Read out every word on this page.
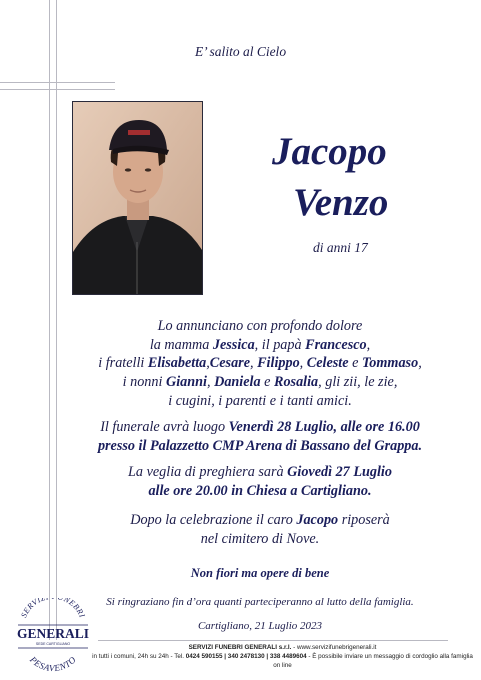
E’ salito al Cielo
Jacopo
Venzo
di anni 17
Lo annunciano con profondo dolore
la mamma Jessica, il papà Francesco,
i fratelli Elisabetta,Cesare, Filippo, Celeste e Tommaso,
i nonni Gianni, Daniela e Rosalia, gli zii, le zie,
i cugini, i parenti e i tanti amici.
Il funerale avrà luogo Venerdì 28 Luglio, alle ore 16.00
presso il Palazzetto CMP Arena di Bassano del Grappa.
La veglia di preghiera sarà Giovedì 27 Luglio
alle ore 20.00 in Chiesa a Cartigliano.
Dopo la celebrazione il caro Jacopo riposerà
nel cimitero di Nove.
Non fiori ma opere di bene
Si ringraziano fin d’ora quanti parteciperanno al lutto della famiglia.
Cartigliano, 21 Luglio 2023
SERVIZI FUNEBRI GENERALI s.r.l. - www.servizifunebrigenerali.it
in tutti i comuni, 24h su 24h - Tel. 0424 590155 | 340 2478130 | 338 4489604 - È possibile inviare un messaggio di cordoglio alla famiglia on line
SERVIZ NEBRI
GENERALI
SEDE CARTIGLIANO
PESAVENTO
